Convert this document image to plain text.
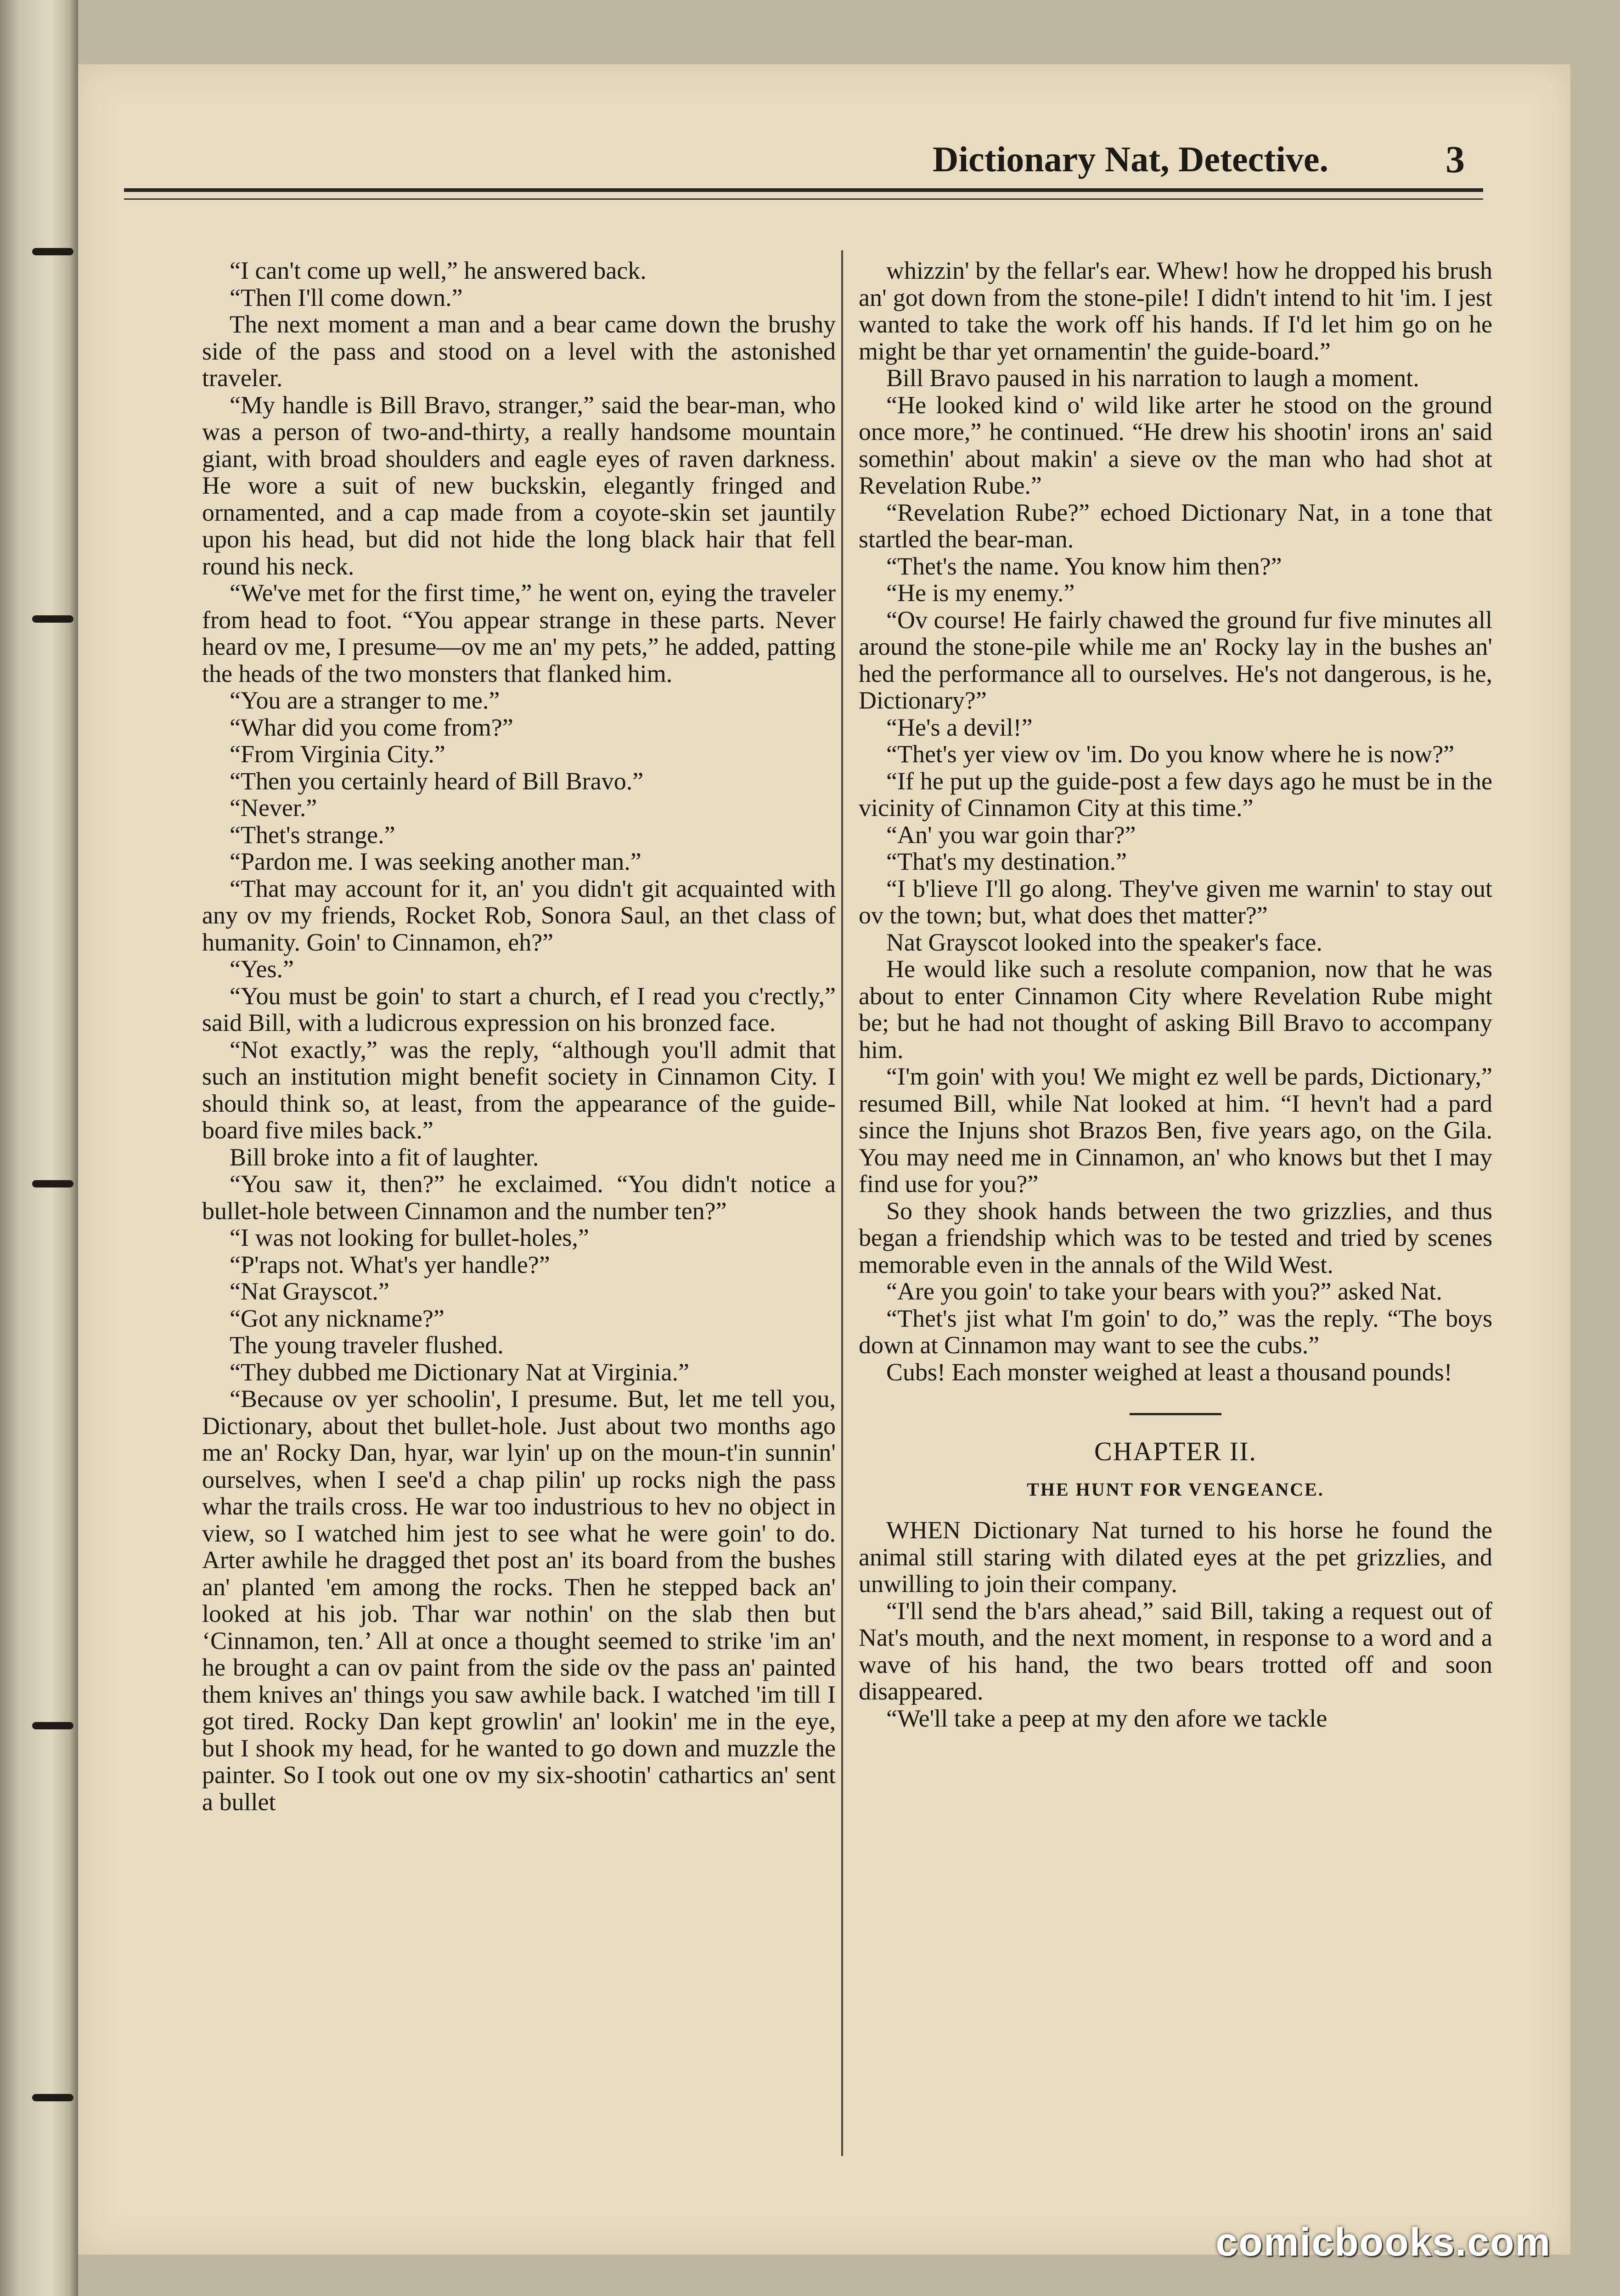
Dictionary Nat, Detective.	3

“I can't come up well,” he answered back.

“Then I'll come down.”

The next moment a man and a bear came down the brushy side of the pass and stood on a level with the astonished traveler.

“My handle is Bill Bravo, stranger,” said the bear-man, who was a person of two-and-thirty, a really handsome mountain giant, with broad shoulders and eagle eyes of raven darkness. He wore a suit of new buckskin, elegantly fringed and ornamented, and a cap made from a coyote-skin set jauntily upon his head, but did not hide the long black hair that fell round his neck.

“We've met for the first time,” he went on, eying the traveler from head to foot. “You appear strange in these parts. Never heard ov me, I presume—ov me an' my pets,” he added, patting the heads of the two monsters that flanked him.

“You are a stranger to me.”

“Whar did you come from?”

“From Virginia City.”

“Then you certainly heard of Bill Bravo.”

“Never.”

“Thet's strange.”

“Pardon me. I was seeking another man.”

“That may account for it, an' you didn't git acquainted with any ov my friends, Rocket Rob, Sonora Saul, an thet class of humanity. Goin' to Cinnamon, eh?”

“Yes.”

“You must be goin' to start a church, ef I read you c'rectly,” said Bill, with a ludicrous expression on his bronzed face.

“Not exactly,” was the reply, “although you'll admit that such an institution might benefit society in Cinnamon City. I should think so, at least, from the appearance of the guide-board five miles back.”

Bill broke into a fit of laughter.

“You saw it, then?” he exclaimed. “You didn't notice a bullet-hole between Cinnamon and the number ten?”

“I was not looking for bullet-holes,”

“P'raps not. What's yer handle?”

“Nat Grayscot.”

“Got any nickname?”

The young traveler flushed.

“They dubbed me Dictionary Nat at Virginia.”

“Because ov yer schoolin', I presume. But, let me tell you, Dictionary, about thet bullet-hole. Just about two months ago me an' Rocky Dan, hyar, war lyin' up on the moun-t'in sunnin' ourselves, when I see'd a chap pilin' up rocks nigh the pass whar the trails cross. He war too industrious to hev no object in view, so I watched him jest to see what he were goin' to do. Arter awhile he dragged thet post an' its board from the bushes an' planted 'em among the rocks. Then he stepped back an' looked at his job. Thar war nothin' on the slab then but ‘Cinnamon, ten.’ All at once a thought seemed to strike 'im an' he brought a can ov paint from the side ov the pass an' painted them knives an' things you saw awhile back. I watched 'im till I got tired. Rocky Dan kept growlin' an' lookin' me in the eye, but I shook my head, for he wanted to go down and muzzle the painter. So I took out one ov my six-shootin' cathartics an' sent a bullet

whizzin' by the fellar's ear. Whew! how he dropped his brush an' got down from the stone-pile! I didn't intend to hit 'im. I jest wanted to take the work off his hands. If I'd let him go on he might be thar yet ornamentin' the guide-board.”

Bill Bravo paused in his narration to laugh a moment.

“He looked kind o' wild like arter he stood on the ground once more,” he continued. “He drew his shootin' irons an' said somethin' about makin' a sieve ov the man who had shot at Revelation Rube.”

“Revelation Rube?” echoed Dictionary Nat, in a tone that startled the bear-man.

“Thet's the name. You know him then?”

“He is my enemy.”

“Ov course! He fairly chawed the ground fur five minutes all around the stone-pile while me an' Rocky lay in the bushes an' hed the performance all to ourselves. He's not dangerous, is he, Dictionary?”

“He's a devil!”

“Thet's yer view ov 'im. Do you know where he is now?”

“If he put up the guide-post a few days ago he must be in the vicinity of Cinnamon City at this time.”

“An' you war goin thar?”

“That's my destination.”

“I b'lieve I'll go along. They've given me warnin' to stay out ov the town; but, what does thet matter?”

Nat Grayscot looked into the speaker's face.

He would like such a resolute companion, now that he was about to enter Cinnamon City where Revelation Rube might be; but he had not thought of asking Bill Bravo to accompany him.

“I'm goin' with you! We might ez well be pards, Dictionary,” resumed Bill, while Nat looked at him. “I hevn't had a pard since the Injuns shot Brazos Ben, five years ago, on the Gila. You may need me in Cinnamon, an' who knows but thet I may find use for you?”

So they shook hands between the two grizzlies, and thus began a friendship which was to be tested and tried by scenes memorable even in the annals of the Wild West.

“Are you goin' to take your bears with you?” asked Nat.

“Thet's jist what I'm goin' to do,” was the reply. “The boys down at Cinnamon may want to see the cubs.”

Cubs! Each monster weighed at least a thousand pounds!

CHAPTER II.

THE HUNT FOR VENGEANCE.

WHEN Dictionary Nat turned to his horse he found the animal still staring with dilated eyes at the pet grizzlies, and unwilling to join their company.

“I'll send the b'ars ahead,” said Bill, taking a request out of Nat's mouth, and the next moment, in response to a word and a wave of his hand, the two bears trotted off and soon disappeared.

“We'll take a peep at my den afore we tackle

comicbooks.com
